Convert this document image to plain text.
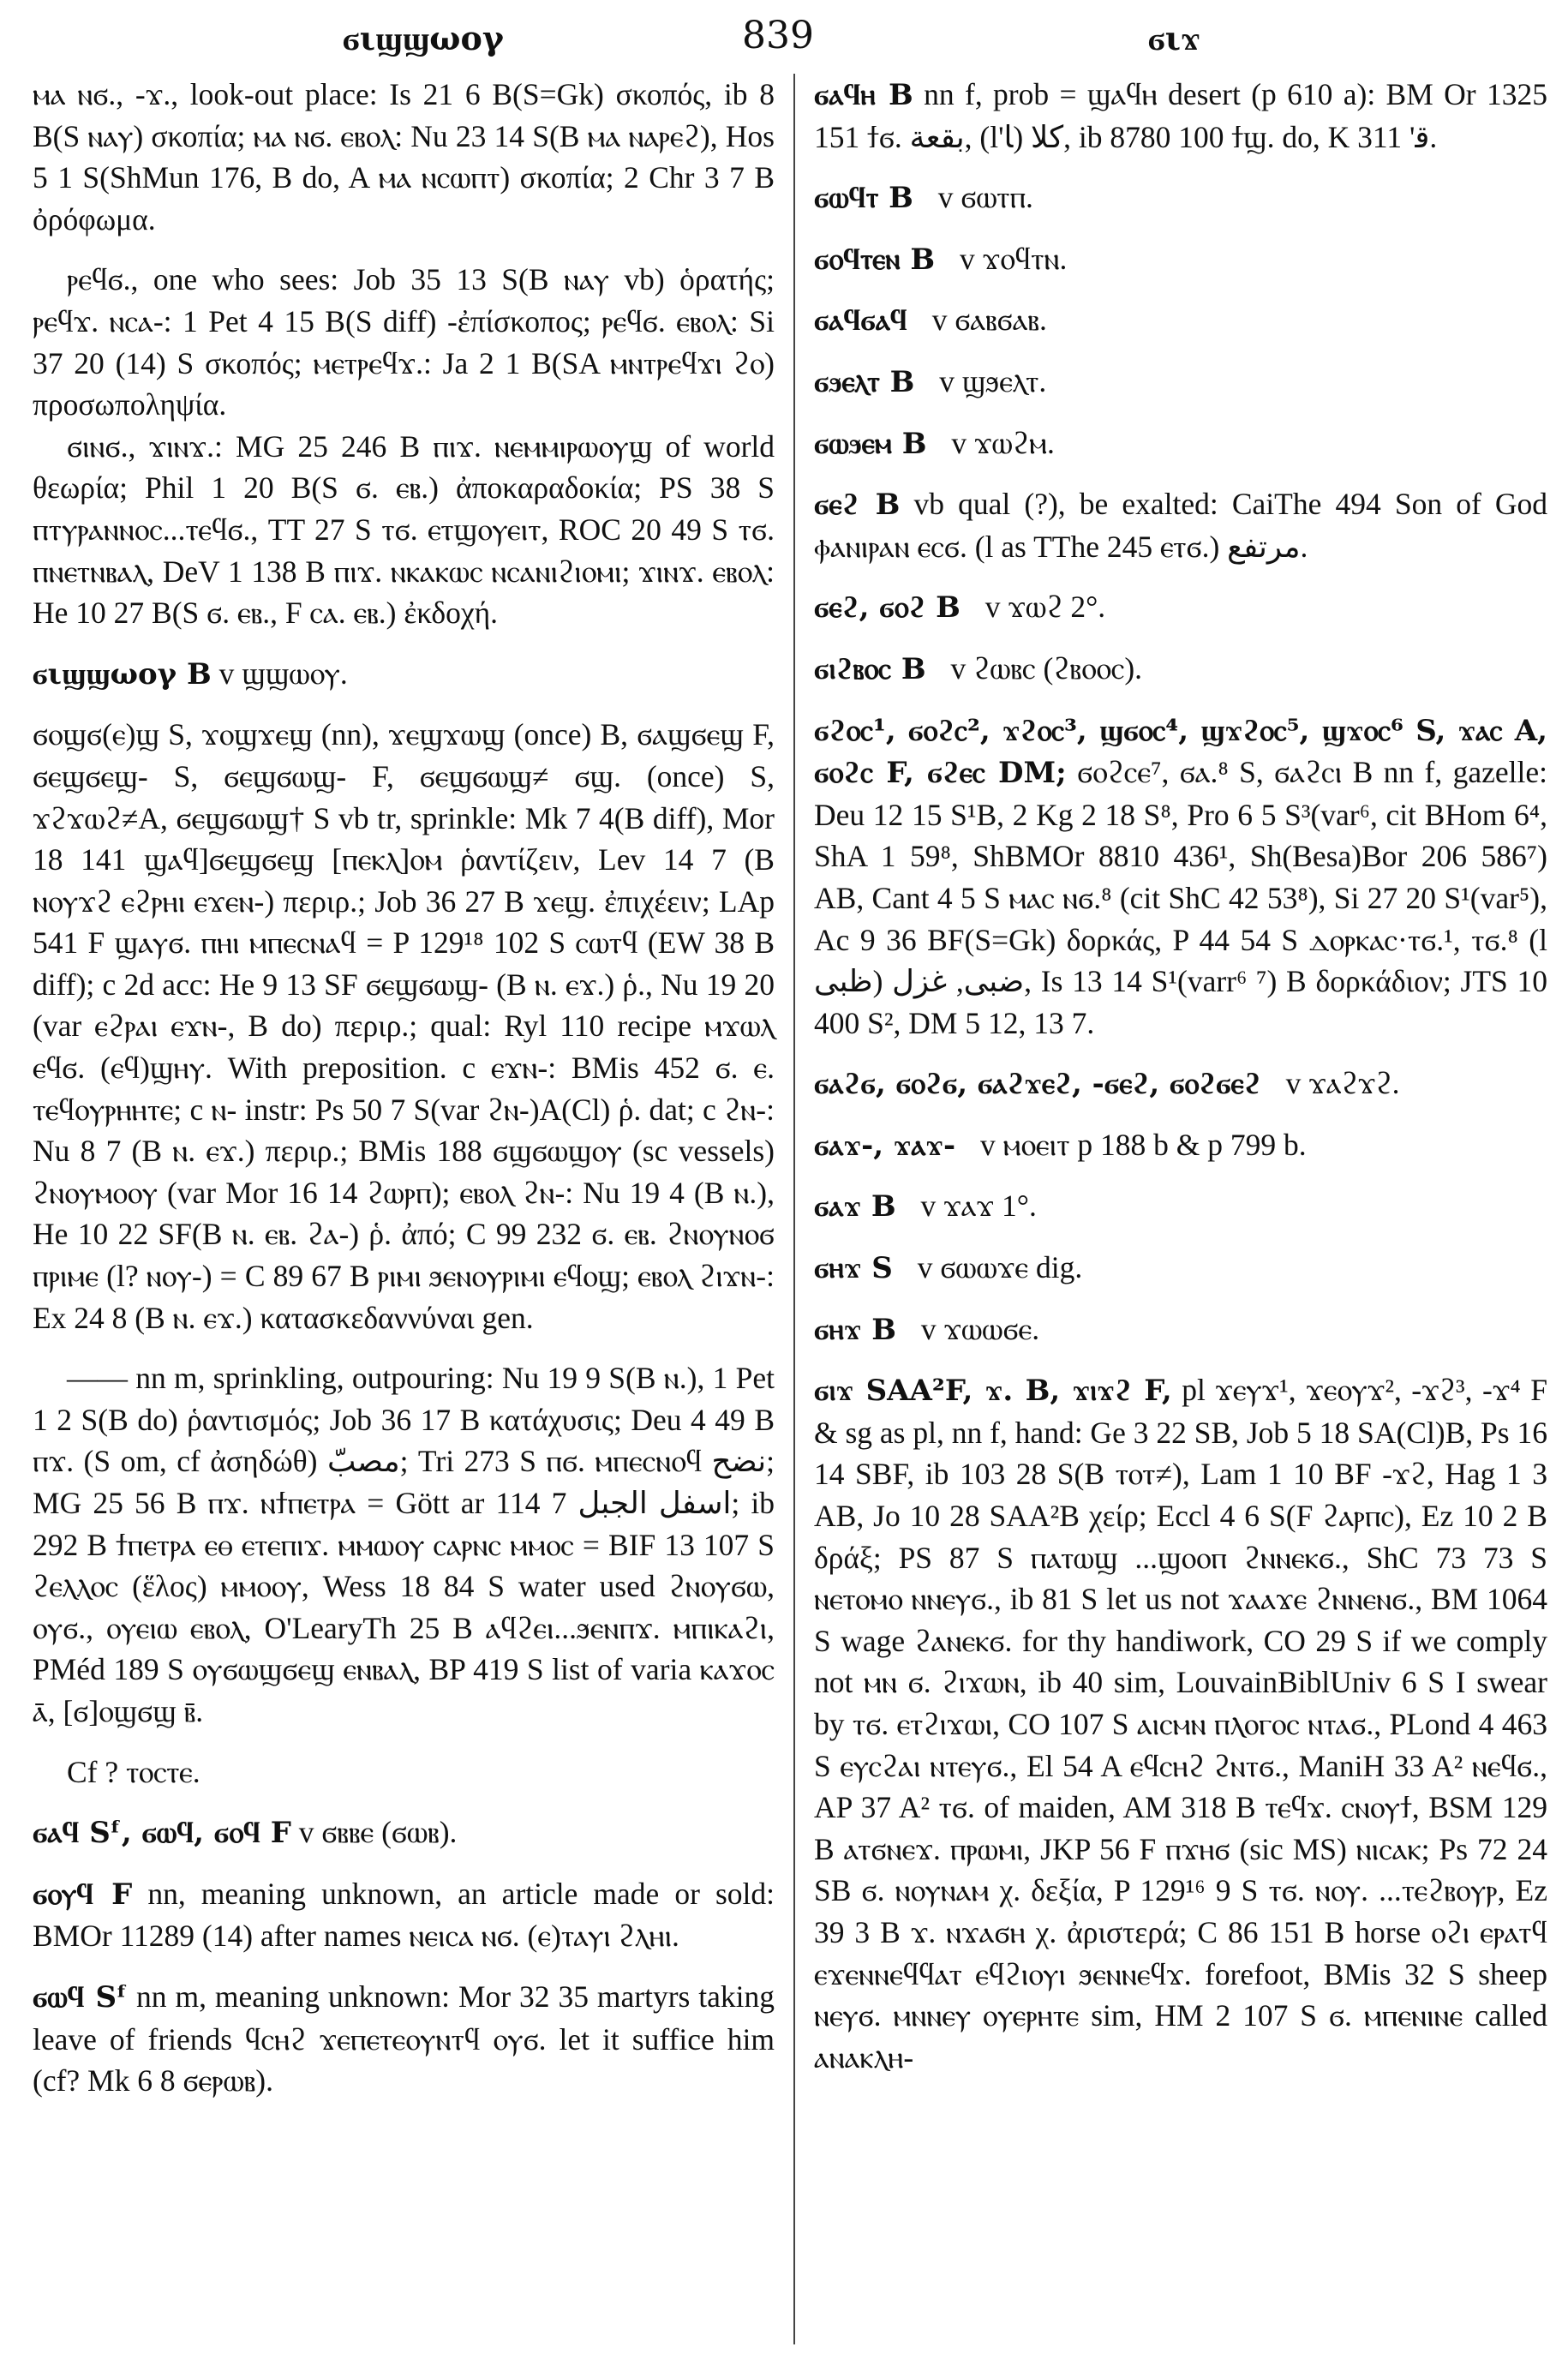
ϭιϣϣωογ	839	ϭιϫ
ⲙⲁ ⲛϭ., -ϫ., look-out place: Is 21 6 B(S=Gk) σκοπός, ib 8 B(S ⲛⲁⲩ) σκοπία; ⲙⲁ ⲛϭ. ⲉⲃⲟⲗ: Nu 23 14 S(B ⲙⲁ ⲛⲁⲣⲉϩ), Hos 5 1 S(ShMun 176, B do, A ⲙⲁ ⲛⲥⲱⲡⲧ) σκοπία; 2 Chr 3 7 B ὀρόφωμα.
ⲣⲉϥϭ., one who sees: Job 35 13 S(B ⲛⲁⲩ vb) ὁρατής; ⲣⲉϥϫ. ⲛⲥⲁ-: 1 Pet 4 15 B(S diff) -ἐπίσκοπος; ⲣⲉϥϭ. ⲉⲃⲟⲗ: Si 37 20 (14) S σκοπός; ⲙⲉⲧⲣⲉϥϫ.: Ja 2 1 B(SA ⲙⲛⲧⲣⲉϥϫⲓ ϩⲟ) προσωποληψία.
ϭⲓⲛϭ., ϫⲓⲛϫ.: MG 25 246 B ⲡⲓϫ. ⲛⲉⲙⲙⲓⲣⲱⲟⲩϣ of world θεωρία; Phil 1 20 B(S ϭ. ⲉⲃ.) ἀποκαραδοκία; PS 38 S ⲡⲧⲩⲣⲁⲛⲛⲟⲥ...ⲧⲉϥϭ., TT 27 S ⲧϭ. ⲉⲧϣⲟⲩⲉⲓⲧ, ROC 20 49 S ⲧϭ. ⲡⲛⲉⲧⲛⲃⲁⲗ, DeV 1 138 B ⲡⲓϫ. ⲛⲕⲁⲕⲱⲥ ⲛⲥⲁⲛⲓϩⲓⲟⲙⲓ; ϫⲓⲛϫ. ⲉⲃⲟⲗ: He 10 27 B(S ϭ. ⲉⲃ., F ⲥⲁ. ⲉⲃ.) ἐκδοχή.
ϭιϣϣωογ B v ϣϣⲱⲟⲩ.
ϭⲟϣϭ(ⲉ)ϣ S, ϫⲟϣϫⲉϣ (nn), ϫⲉϣϫⲱϣ (once) B, ϭⲁϣϭⲉϣ F, ϭⲉϣϭⲉϣ- S, ϭⲉϣϭⲱϣ- F, ϭⲉϣϭⲱϣ≠ ϭϣ. (once) S, ϫϩϫⲱϩ≠A, ϭⲉϣϭⲱϣ† S vb tr, sprinkle: Mk 7 4(B diff), Mor 18 141 ϣⲁϥ]ϭⲉϣϭⲉϣ [ⲡⲉⲕⲗ]ⲟⲙ ῥαντίζειν, Lev 14 7 (B ⲛⲟⲩϫϩ ⲉϩⲣⲏⲓ ⲉϫⲉⲛ-) περιρ.; Job 36 27 B ϫⲉϣ. ἐπιχέειν; LAp 541 F ϣⲁⲩϭ. ⲡⲏⲓ ⲙⲡⲉⲥⲛⲁϥ = P 129¹⁸ 102 S ⲥⲱⲧϥ (EW 38 B diff); c 2d acc: He 9 13 SF ϭⲉϣϭⲱϣ- (B ⲛ. ⲉϫ.) ῥ., Nu 19 20 (var ⲉϩⲣⲁⲓ ⲉϫⲛ-, B do) περιρ.; qual: Ryl 110 recipe ⲙϫⲱⲗ ⲉϥϭ. (ⲉϥ)ϣⲏⲩ. With preposition. c ⲉϫⲛ-: BMis 452 ϭ. ⲉ. ⲧⲉϥⲟⲩⲣⲏⲏⲧⲉ; c ⲛ- instr: Ps 50 7 S(var ϩⲛ-)A(Cl) ῥ. dat; c ϩⲛ-: Nu 8 7 (B ⲛ. ⲉϫ.) περιρ.; BMis 188 ϭϣϭⲱϣⲟⲩ (sc vessels) ϩⲛⲟⲩⲙⲟⲟⲩ (var Mor 16 14 ϩⲱⲣⲡ); ⲉⲃⲟⲗ ϩⲛ-: Nu 19 4 (B ⲛ.), He 10 22 SF(B ⲛ. ⲉⲃ. ϩⲁ-) ῥ. ἀπό; C 99 232 ϭ. ⲉⲃ. ϩⲛⲟⲩⲛⲟϭ ⲡⲣⲓⲙⲉ (l? ⲛⲟⲩ-) = C 89 67 B ⲣⲓⲙⲓ ϧⲉⲛⲟⲩⲣⲓⲙⲓ ⲉϥⲟϣ; ⲉⲃⲟⲗ ϩⲓϫⲛ-: Ex 24 8 (B ⲛ. ⲉϫ.) κατασκεδαννύναι gen.
—— nn m, sprinkling, outpouring: Nu 19 9 S(B ⲛ.), 1 Pet 1 2 S(B do) ῥαντισμός; Job 36 17 B κατάχυσις; Deu 4 49 B ⲡϫ. (S om, cf ἀσηδώθ) مصبّ; Tri 273 S ⲡϭ. ⲙⲡⲉⲥⲛⲟϥ نضح; MG 25 56 B ⲡϫ. ⲛϯⲡⲉⲧⲣⲁ = Gött ar 114 7 اسفل الجبل; ib 292 B ϯⲡⲉⲧⲣⲁ ⲉⲑ ⲉⲧⲉⲡⲓϫ. ⲙⲙⲱⲟⲩ ⲥⲁⲣⲛⲥ ⲙⲙⲟⲥ = BIF 13 107 S ϩⲉⲗⲗⲟⲥ (ἕλος) ⲙⲙⲟⲟⲩ, Wess 18 84 S water used ϩⲛⲟⲩϭⲱ, ⲟⲩϭ., ⲟⲩⲉⲓⲱ ⲉⲃⲟⲗ, O'LearyTh 25 B ⲁϥϩⲉⲓ...ϧⲉⲛⲡϫ. ⲙⲡⲓⲕⲁϩⲓ, PMéd 189 S ⲟⲩϭⲱϣϭⲉϣ ⲉⲛⲃⲁⲗ, BP 419 S list of varia ⲕⲁϫⲟⲥ ⲁ̄, [ϭ]ⲟϣϭϣ ⲃ̄.
Cf ? ⲧⲟⲥⲧⲉ.
ϭⲁϥ Sᶠ, ϭⲱϥ, ϭⲟϥ F v ϭⲃⲃⲉ (ϭⲱⲃ).
ϭⲟⲩϥ F nn, meaning unknown, an article made or sold: BMOr 11289 (14) after names ⲛⲉⲓⲥⲁ ⲛϭ. (ⲉ)ⲧⲁⲩⲓ ϩⲗⲏⲓ.
ϭⲱϥ Sᶠ nn m, meaning unknown: Mor 32 35 martyrs taking leave of friends ϥⲥⲏϩ ϫⲉⲡⲉⲧⲉⲟⲩⲛⲧϥ ⲟⲩϭ. let it suffice him (cf? Mk 6 8 ϭⲉⲣⲱⲃ).
ϭⲁϥⲏ B nn f, prob = ϣⲁϥⲏ desert (p 610 a): BM Or 1325 151 ϯϭ. ﺑﻘﻌﺔ, (l'ﺎ) ﻛﻼ, ib 8780 100 ϯϣ. do, K 311 'ﻗ.
ϭⲱϥⲧ B v ϭⲱⲧⲡ.
ϭⲟϥⲧⲉⲛ B v ϫⲟϥⲧⲛ.
ϭⲁϥϭⲁϥ v ϭⲁⲃϭⲁⲃ.
ϭϧⲉⲗⲧ B v ϣϧⲉⲗⲧ.
ϭⲱϧⲉⲙ B v ϫⲱϩⲙ.
ϭⲉϩ B vb qual (?), be exalted: CaiThe 494 Son of God ⲫⲁⲛⲓⲣⲁⲛ ⲉⲥϭ. (l as TThe 245 ⲉⲧϭ.) مرتفع.
ϭⲉϩ, ϭⲟϩ B v ϫⲱϩ 2°.
ϭⲓϩⲃⲟⲥ B v ϩⲱⲃⲥ (ϩⲃⲟⲟⲥ).
ϭϩⲟⲥ¹, ϭⲟϩⲥ², ϫϩⲟⲥ³, ϣϭⲟⲥ⁴, ϣϫϩⲟⲥ⁵, ϣϫⲟⲥ⁶ S, ϫⲁⲥ A, ϭⲟϩⲥ F, ϭϩⲉⲥ DM; ϭⲟϩⲥⲉ⁷, ϭⲁ.⁸ S, ϭⲁϩⲥⲓ B nn f, gazelle: Deu 12 15 S¹B, 2 Kg 2 18 S⁸, Pro 6 5 S³(var⁶, cit BHom 6⁴, ShA 1 59⁸, ShBMOr 8810 436¹, Sh(Besa)Bor 206 586⁷) AB, Cant 4 5 S ⲙⲁⲥ ⲛϭ.⁸ (cit ShC 42 53⁸), Si 27 20 S¹(var⁵), Ac 9 36 BF(S=Gk) δορκάς, P 44 54 S ⲇⲟⲣⲕⲁⲥ·ⲧϭ.¹, ⲧϭ.⁸ (l ظبى) ضبى, غزل, Is 13 14 S¹(varr⁶ ⁷) B δορκάδιον; JTS 10 400 S², DM 5 12, 13 7.
ϭⲁϩϭ, ϭⲟϩϭ, ϭⲁϩϫⲉϩ, -ϭⲉϩ, ϭⲟϩϭⲉϩ v ϫⲁϩϫϩ.
ϭⲁϫ-, ϫⲁϫ- v ⲙⲟⲉⲓⲧ p 188 b & p 799 b.
ϭⲁϫ B v ϫⲁϫ 1°.
ϭⲏϫ S v ϭⲱⲱϫⲉ dig.
ϭⲏϫ B v ϫⲱⲱϭⲉ.
ϭⲓϫ SAA²F, ϫ. B, ϫⲓϫϩ F, pl ϫⲉⲩϫ¹, ϫⲉⲟⲩϫ², -ϫϩ³, -ϫ⁴ F & sg as pl, nn f, hand: Ge 3 22 SB, Job 5 18 SA(Cl)B, Ps 16 14 SBF, ib 103 28 S(B ⲧⲟⲧ≠), Lam 1 10 BF -ϫϩ, Hag 1 3 AB, Jo 10 28 SAA²B χείρ; Eccl 4 6 S(F ϩⲁⲣⲡⲥ), Ez 10 2 B δράξ; PS 87 S ⲡⲁⲧⲱϣ ...ϣⲟⲟⲡ ϩⲛⲛⲉⲕϭ., ShC 73 73 S ⲛⲉⲧⲟⲙⲟ ⲛⲛⲉⲩϭ., ib 81 S let us not ϫⲁⲁϫⲉ ϩⲛⲛⲉⲛϭ., BM 1064 S wage ϩⲁⲛⲉⲕϭ. for thy handiwork, CO 29 S if we comply not ⲙⲛ ϭ. ϩⲓϫⲱⲛ, ib 40 sim, LouvainBiblUniv 6 S I swear by ⲧϭ. ⲉⲧϩⲓϫⲱⲓ, CO 107 S ⲁⲓⲥⲙⲛ ⲡⲗⲟⲅⲟⲥ ⲛⲧⲁϭ., PLond 4 463 S ⲉⲩⲥϩⲁⲓ ⲛⲧⲉⲩϭ., El 54 A ⲉϥⲥⲏϩ ϩⲛⲧϭ., ManiH 33 A² ⲛⲉϥϭ., AP 37 A² ⲧϭ. of maiden, AM 318 B ⲧⲉϥϫ. ⲥⲛⲟⲩϯ, BSM 129 B ⲁⲧϭⲛⲉϫ. ⲡⲣⲱⲙⲓ, JKP 56 F ⲡϫⲏϭ (sic MS) ⲛⲓⲥⲁⲕ; Ps 72 24 SB ϭ. ⲛⲟⲩⲛⲁⲙ χ. δεξία, P 129¹⁶ 9 S ⲧϭ. ⲛⲟⲩ. ...ⲧⲉϩⲃⲟⲩⲣ, Ez 39 3 B ϫ. ⲛϫⲁϭⲏ χ. ἀριστερά; C 86 151 B horse ⲟϩⲓ ⲉⲣⲁⲧϥ ⲉϫⲉⲛⲛⲉϥϥⲁⲧ ⲉϥϩⲓⲟⲩⲓ ϧⲉⲛⲛⲉϥϫ. forefoot, BMis 32 S sheep ⲛⲉⲩϭ. ⲙⲛⲛⲉⲩ ⲟⲩⲉⲣⲏⲧⲉ sim, HM 2 107 S ϭ. ⲙⲡⲉⲛⲓⲛⲉ called ⲁⲛⲁⲕⲗⲏ-
